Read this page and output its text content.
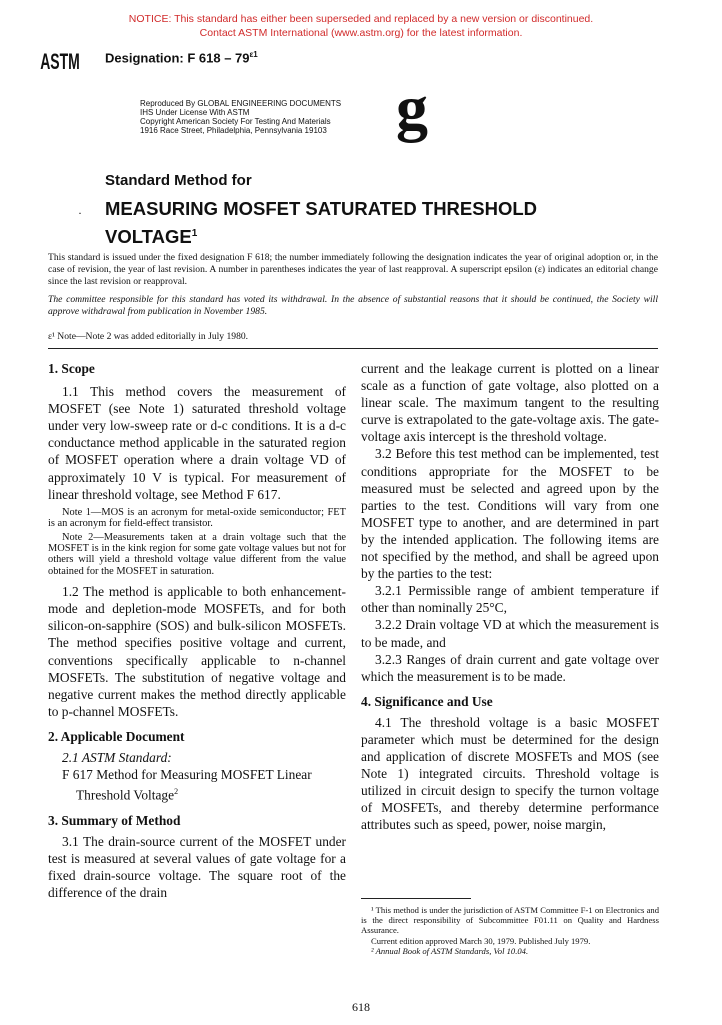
NOTICE: This standard has either been superseded and replaced by a new version or discontinued.
Contact ASTM International (www.astm.org) for the latest information.
ASTM Designation: F $618 - 79^{\varepsilon 1}$
Reproduced By GLOBAL ENGINEERING DOCUMENTS
IHS Under License With ASTM
Copyright American Society For Testing And Materials
1916 Race Street, Philadelphia, Pennsylvania 19103 g
Standard Method for
· MEASURING MOSFET SATURATED THRESHOLD
VOLTAGE$^1$
This standard is issued under the fixed designation F 618; the number immediately following the designation indicates the year of original adoption or, in the case of revision, the year of last revision. A number in parentheses indicates the year of last reapproval. A superscript epsilon (ε) indicates an editorial change since the last revision or reapproval.
The committee responsible for this standard has voted its withdrawal. In the absence of substantial reasons that it should be continued, the Society will approve withdrawal from publication in November 1985.
ε¹ Note—Note 2 was added editorially in July 1980.

1. Scope

1.1 This method covers the measurement of MOSFET (see Note 1) saturated threshold voltage under very low-sweep rate or d-c conditions. It is a d-c conductance method applicable in the saturated region of MOSFET operation where a drain voltage VD of approximately 10 V is typical. For measurement of linear threshold voltage, see Method F 617.

Note 1—MOS is an acronym for metal-oxide semiconductor; FET is an acronym for field-effect transistor.

Note 2—Measurements taken at a drain voltage such that the MOSFET is in the kink region for some gate voltage values but not for others will yield a threshold voltage value different from the value obtained for the MOSFET in saturation.

1.2 The method is applicable to both enhancement-mode and depletion-mode MOSFETs, and for both silicon-on-sapphire (SOS) and bulk-silicon MOSFETs. The method specifies positive voltage and current, conventions specifically applicable to n-channel MOSFETs. The substitution of negative voltage and negative current makes the method directly applicable to p-channel MOSFETs.

2. Applicable Document

2.1 ASTM Standard:

F 617 Method for Measuring MOSFET Linear Threshold Voltage$^2$

3. Summary of Method

3.1 The drain-source current of the MOSFET under test is measured at several values of gate voltage for a fixed drain-source voltage. The square root of the difference of the drain

current and the leakage current is plotted on a linear scale as a function of gate voltage, also plotted on a linear scale. The maximum tangent to the resulting curve is extrapolated to the gate-voltage axis. The gate-voltage axis intercept is the threshold voltage.

3.2 Before this test method can be implemented, test conditions appropriate for the MOSFET to be measured must be selected and agreed upon by the parties to the test. Conditions will vary from one MOSFET type to another, and are determined in part by the intended application. The following items are not specified by the method, and shall be agreed upon by the parties to the test:

3.2.1 Permissible range of ambient temperature if other than nominally 25°C,

3.2.2 Drain voltage VD at which the measurement is to be made, and

3.2.3 Ranges of drain current and gate voltage over which the measurement is to be made.

4. Significance and Use

4.1 The threshold voltage is a basic MOSFET parameter which must be determined for the design and application of discrete MOSFETs and MOS (see Note 1) integrated circuits. Threshold voltage is utilized in circuit design to specify the turnon voltage of MOSFETs, and thereby determine performance attributes such as speed, power, noise margin,

¹ This method is under the jurisdiction of ASTM Committee F-1 on Electronics and is the direct responsibility of Subcommittee F01.11 on Quality and Hardness Assurance.

Current edition approved March 30, 1979. Published July 1979.

² Annual Book of ASTM Standards, Vol 10.04.

618
